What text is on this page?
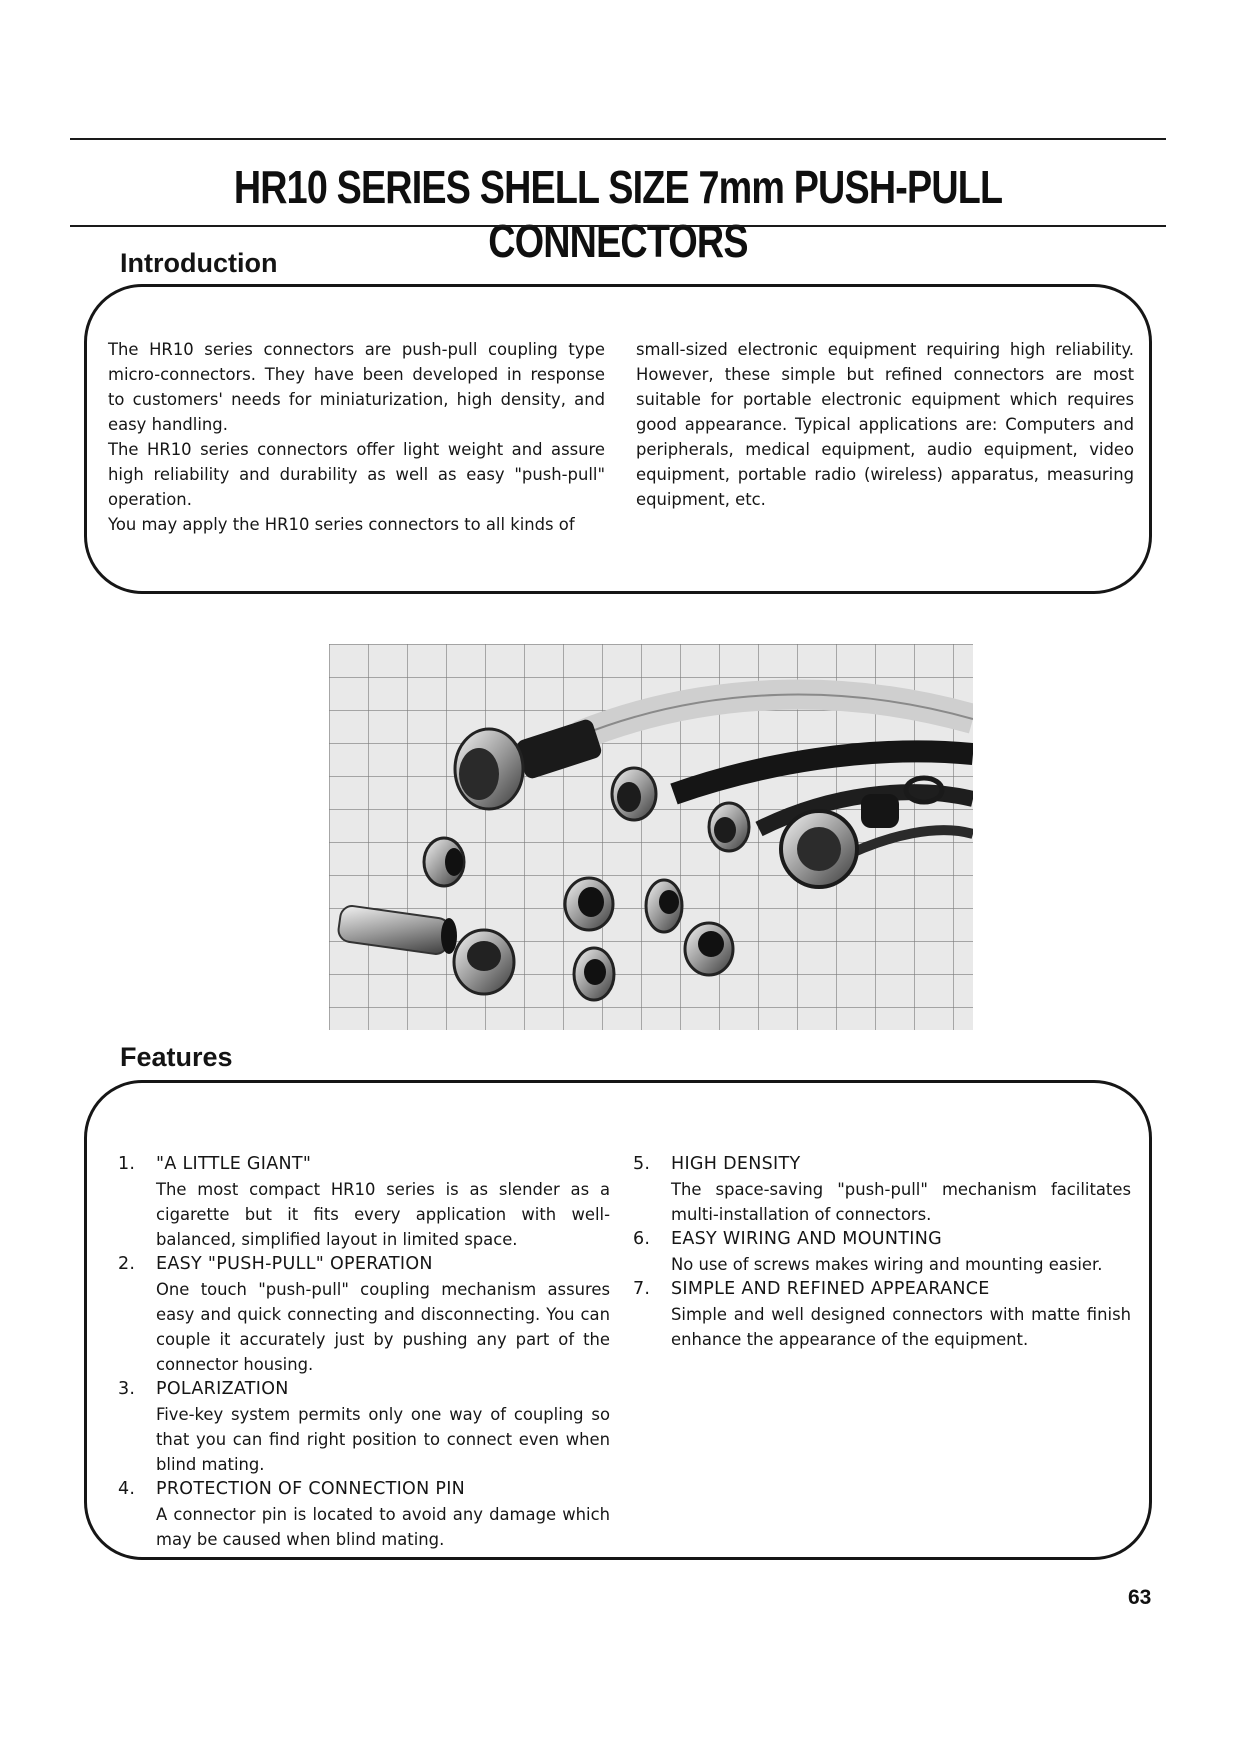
HR10 SERIES SHELL SIZE 7mm PUSH-PULL CONNECTORS
Introduction

The HR10 series connectors are push-pull coupling type micro-connectors. They have been developed in response to customers' needs for miniaturization, high density, and easy handling.

The HR10 series connectors offer light weight and assure high reliability and durability as well as easy "push-pull" operation.

You may apply the HR10 series connectors to all kinds of

small-sized electronic equipment requiring high reliability. However, these simple but refined connectors are most suitable for portable electronic equipment which requires good appearance. Typical applications are: Computers and peripherals, medical equipment, audio equipment, video equipment, portable radio (wireless) apparatus, measuring equipment, etc.

Features
1.	"A LITTLE GIANT"
The most compact HR10 series is as slender as a cigarette but it fits every application with well-balanced, simplified layout in limited space.
2.	EASY "PUSH-PULL" OPERATION
One touch "push-pull" coupling mechanism assures easy and quick connecting and disconnecting. You can couple it accurately just by pushing any part of the connector housing.
3.	POLARIZATION
Five-key system permits only one way of coupling so that you can find right position to connect even when blind mating.
4.	PROTECTION OF CONNECTION PIN
A connector pin is located to avoid any damage which may be caused when blind mating.
5.	HIGH DENSITY
The space-saving "push-pull" mechanism facilitates multi-installation of connectors.
6.	EASY WIRING AND MOUNTING
No use of screws makes wiring and mounting easier.
7.	SIMPLE AND REFINED APPEARANCE
Simple and well designed connectors with matte finish enhance the appearance of the equipment.

63
